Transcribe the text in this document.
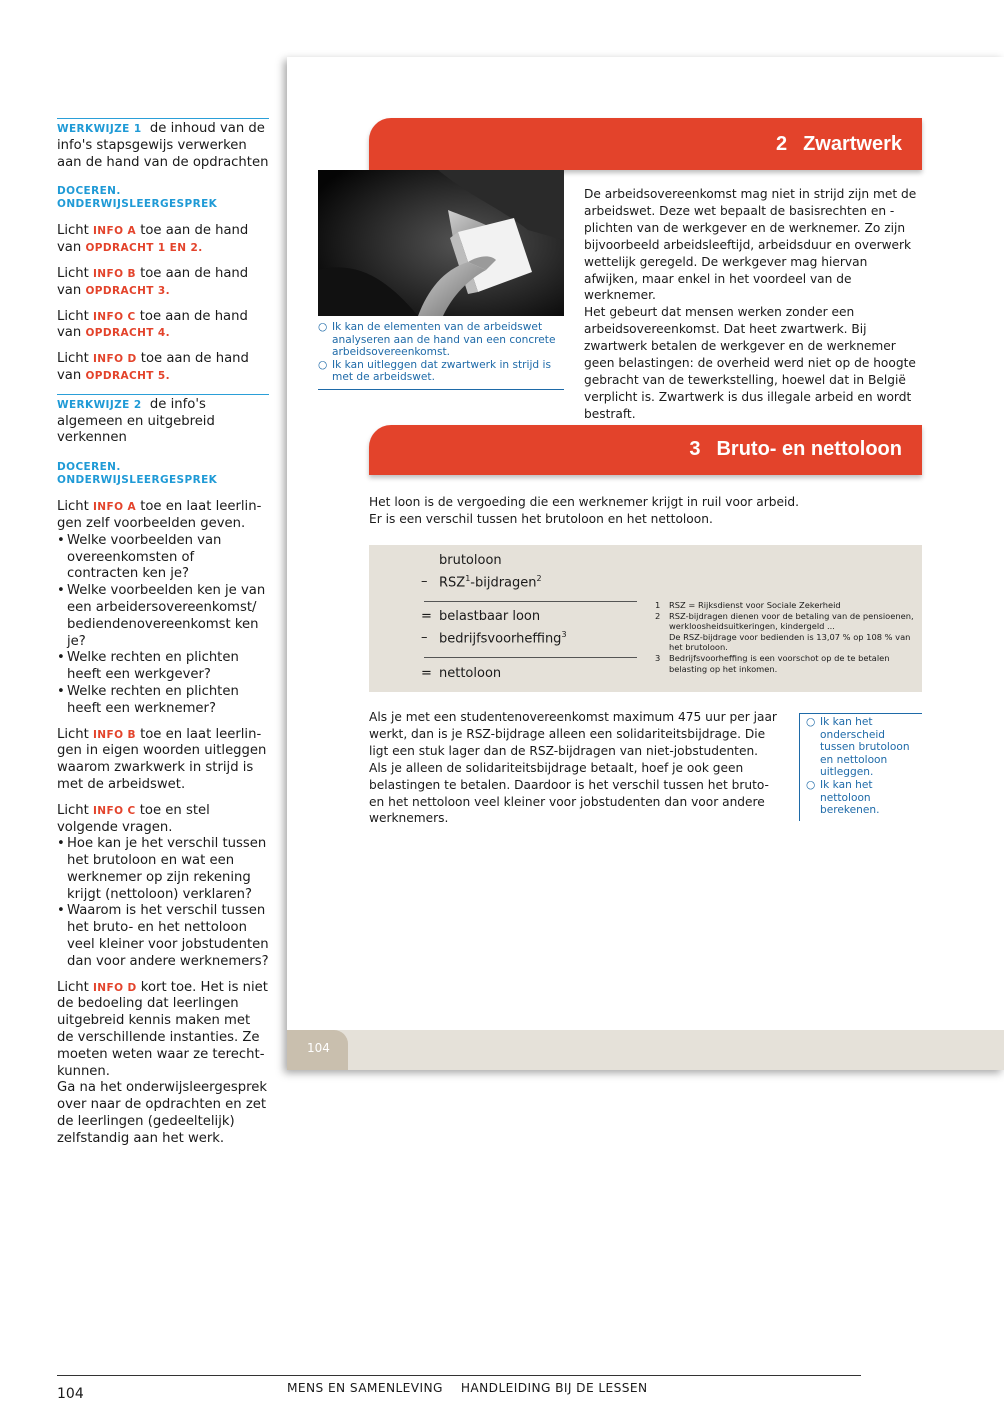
WERKWIJZE 1 de inhoud van de info's stapsgewijs verwerken aan de hand van de opdrachten

DOCEREN.
ONDERWIJSLEERGESPREK

Licht INFO A toe aan de hand van OPDRACHT 1 EN 2.

Licht INFO B toe aan de hand van OPDRACHT 3.

Licht INFO C toe aan de hand van OPDRACHT 4.

Licht INFO D toe aan de hand van OPDRACHT 5.

WERKWIJZE 2 de info's algemeen en uitgebreid verkennen

DOCEREN.
ONDERWIJSLEERGESPREK

Licht INFO A toe en laat leerlingen zelf voorbeelden geven.

• Welke voorbeelden van overeenkomsten of contracten ken je?
• Welke voorbeelden ken je van een arbeidersovereenkomst/ bediendenovereenkomst ken je?
• Welke rechten en plichten heeft een werkgever?
• Welke rechten en plichten heeft een werknemer?

Licht INFO B toe en laat leerlingen in eigen woorden uitleggen waarom zwarkwerk in strijd is met de arbeidswet.

Licht INFO C toe en stel volgende vragen.

• Hoe kan je het verschil tussen het brutoloon en wat een werknemer op zijn rekening krijgt (nettoloon) verklaren?
• Waarom is het verschil tussen het bruto- en het nettoloon veel kleiner voor jobstudenten dan voor andere werknemers?

Licht INFO D kort toe. Het is niet de bedoeling dat leerlingen uitgebreid kennis maken met de verschillende instanties. Ze moeten weten waar ze terechtkunnen.

Ga na het onderwijsleergesprek over naar de opdrachten en zet de leerlingen (gedeeltelijk) zelfstandig aan het werk.

2 Zwartwerk
○ Ik kan de elementen van de arbeidswet analyseren aan de hand van een concrete arbeidsovereenkomst.
○ Ik kan uitleggen dat zwartwerk in strijd is met de arbeidswet.
De arbeidsovereenkomst mag niet in strijd zijn met de arbeidswet. Deze wet bepaalt de basisrechten en -plichten van de werkgever en de werknemer. Zo zijn bijvoorbeeld arbeidsleeftijd, arbeidsduur en overwerk wettelijk geregeld. De werkgever mag hiervan afwijken, maar enkel in het voordeel van de werknemer.
Het gebeurt dat mensen werken zonder een arbeidsovereenkomst. Dat heet zwartwerk. Bij zwartwerk betalen de werkgever en de werknemer geen belastingen: de overheid werd niet op de hoogte gebracht van de tewerkstelling, hoewel dat in België verplicht is. Zwartwerk is dus illegale arbeid en wordt bestraft.
3 Bruto- en nettoloon
Het loon is de vergoeding die een werknemer krijgt in ruil voor arbeid.
Er is een verschil tussen het brutoloon en het nettoloon.
brutoloon
– $RSZ^1-bijdragen^2$
= belastbaar loon
– bedrijfsvoorheffing$^3$
= nettoloon
1	RSZ = Rijksdienst voor Sociale Zekerheid
2	RSZ-bijdragen dienen voor de betaling van de pensioenen, werkloosheidsuitkeringen, kindergeld ...
De RSZ-bijdrage voor bedienden is 13,07 % op 108 % van het brutoloon.
3	Bedrijfsvoorheffing is een voorschot op de te betalen belasting op het inkomen.
Als je met een studentenovereenkomst maximum 475 uur per jaar werkt, dan is je RSZ-bijdrage alleen een solidariteitsbijdrage. Die ligt een stuk lager dan de RSZ-bijdragen van niet-jobstudenten. Als je alleen de solidariteitsbijdrage betaalt, hoef je ook geen belastingen te betalen. Daardoor is het verschil tussen het bruto- en het nettoloon veel kleiner voor jobstudenten dan voor andere werknemers.
○ Ik kan het onderscheid tussen brutoloon en nettoloon uitleggen.
○ Ik kan het nettoloon berekenen.
104
104	MENS EN SAMENLEVING HANDLEIDING BIJ DE LESSEN
